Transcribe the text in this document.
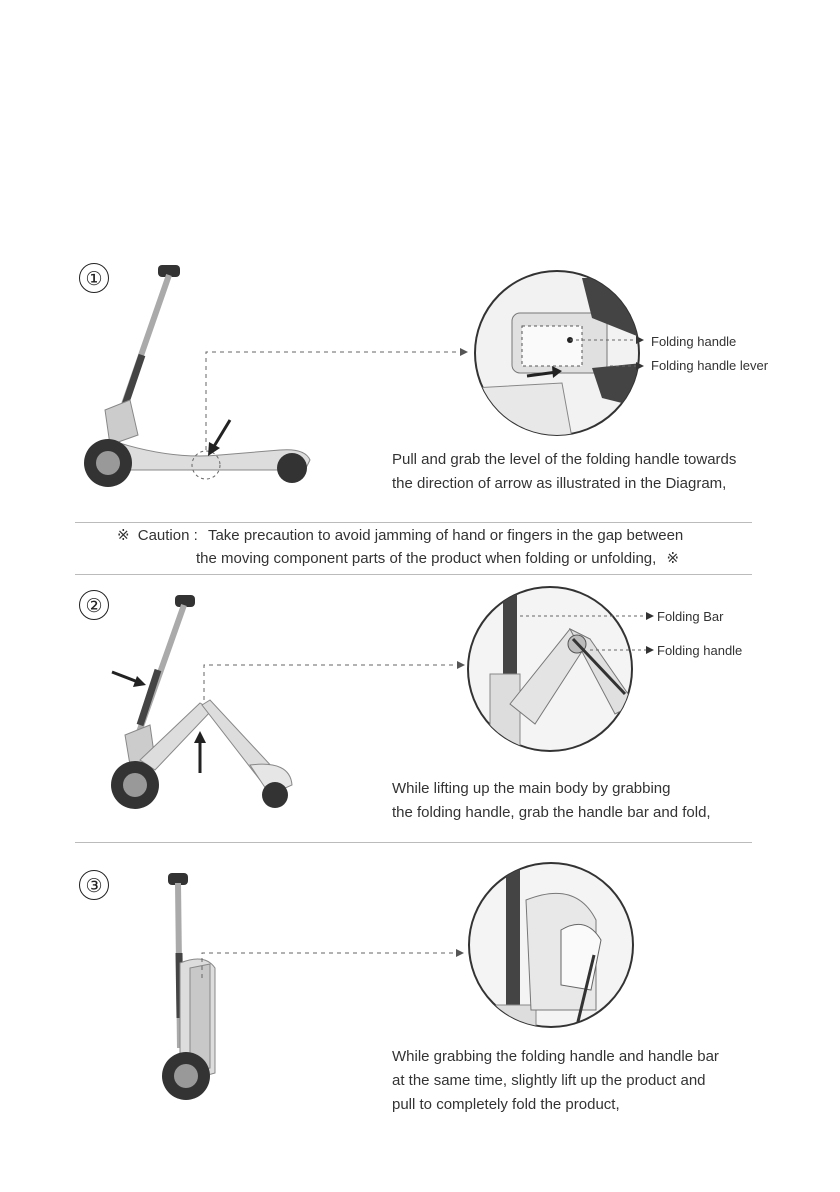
①
Folding handle
Folding handle lever
Pull and grab the level of the folding handle towards
the direction of arrow as illustrated in the Diagram,
※ Caution : Take precaution to avoid jamming of hand or fingers in the gap between
the moving component parts of the product when folding or unfolding, ※
②	Folding Bar
Folding handle
While lifting up the main body by grabbing
the folding handle, grab the handle bar and fold,
③
While grabbing the folding handle and handle bar
at the same time, slightly lift up the product and
pull to completely fold the product,
